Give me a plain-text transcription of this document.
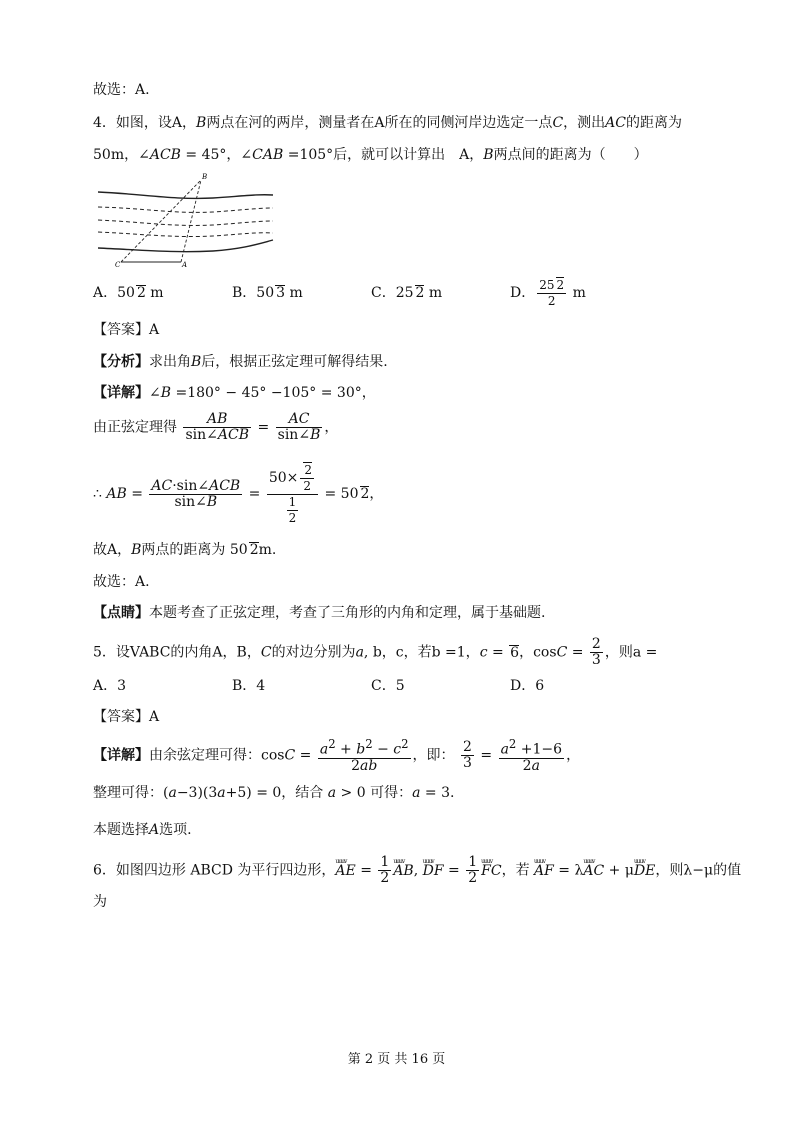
故选：A.
4．如图，设A，B两点在河的两岸，测量者在A所在的同侧河岸边选定一点C，测出AC的距离为
50m，∠ACB = 45°，∠CAB =105°后，就可以计算出　A，B两点间的距离为（　　）
B
C	A
A．50 2 m	B．50 3 m	C．25 2 m	D． $\frac{25 2}{2}$ m
【答案】A
【分析】求出角B后，根据正弦定理可解得结果.
【详解】∠B =180° − 45° −105° = 30°，
由正弦定理得 $\frac{AB}{\text{sin∠ACB}} = \frac{AC}{\sin\angle B}$ ，
∴ AB = $\frac{\text{AC·sin∠ACB}}{\sin\angle B} = \frac{50\times \frac{2}{2}}{\frac{1}{2}} = 50$ 2，
故A，B两点的距离为 50 2m.
故选：A.
【点睛】本题考查了正弦定理，考查了三角形的内角和定理，属于基础题.
5．设VABC的内角A，B，C的对边分别为a, b，c，若b =1，c = 6，$\cos C = \frac{2}{3}$ ，则a =
A．3	B．4	C．5	D．6
【答案】A
【详解】由余弦定理可得：$\cos C = \frac{a^2 + b^2 - c^2}{2ab}$ ，即： $\frac{2}{3} = \frac{a^2 +1-6}{2a}$ ，
整理可得：(a−3)(3a+5) = 0，结合 a > 0 可得：a = 3.
本题选择A选项.
6．如图四边形 ABCD 为平行四边形，uuuv AE = $\frac{1}{2}$ uuuv AB, uuuv DF = $\frac{1}{2}$ uuuv FC，若 uuuv AF = λuuuv AC + μuuuv DE，则λ−μ的值
为
第 2 页 共 16 页
